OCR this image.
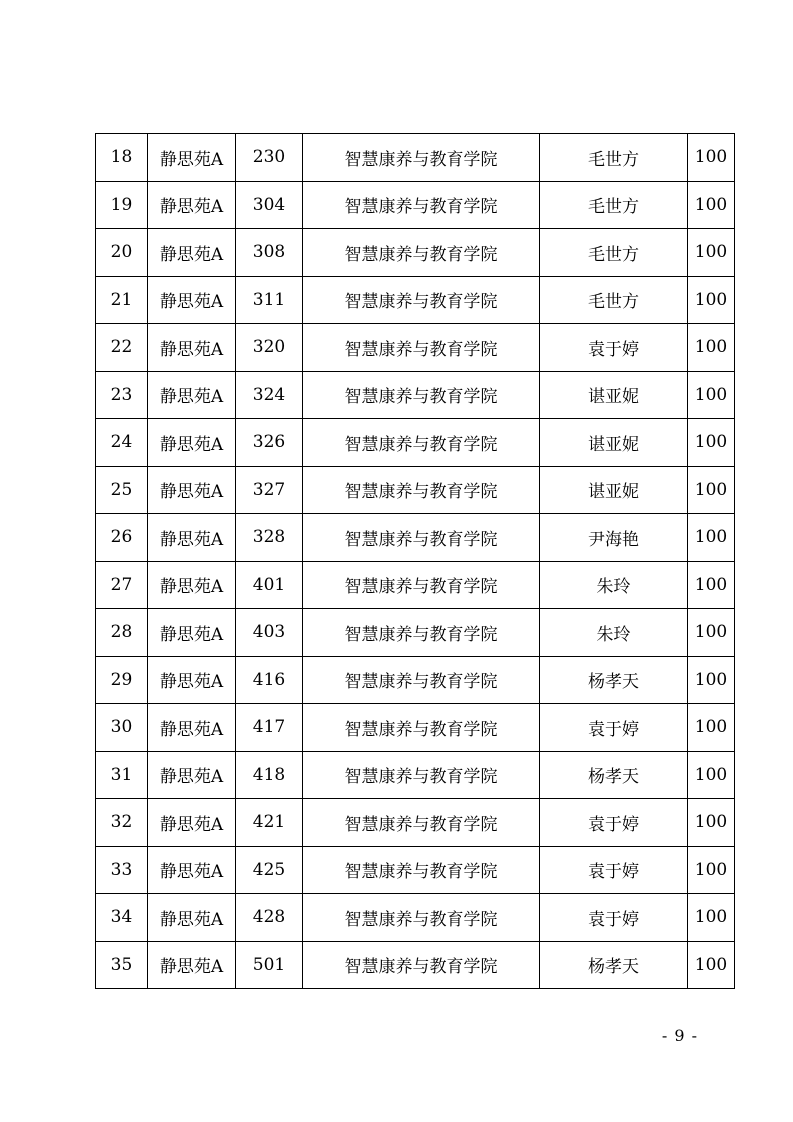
18	静思苑A	230	智慧康养与教育学院	毛世方	100
19	静思苑A	304	智慧康养与教育学院	毛世方	100
20	静思苑A	308	智慧康养与教育学院	毛世方	100
21	静思苑A	311	智慧康养与教育学院	毛世方	100
22	静思苑A	320	智慧康养与教育学院	袁于婷	100
23	静思苑A	324	智慧康养与教育学院	谌亚妮	100
24	静思苑A	326	智慧康养与教育学院	谌亚妮	100
25	静思苑A	327	智慧康养与教育学院	谌亚妮	100
26	静思苑A	328	智慧康养与教育学院	尹海艳	100
27	静思苑A	401	智慧康养与教育学院	朱玲	100
28	静思苑A	403	智慧康养与教育学院	朱玲	100
29	静思苑A	416	智慧康养与教育学院	杨孝天	100
30	静思苑A	417	智慧康养与教育学院	袁于婷	100
31	静思苑A	418	智慧康养与教育学院	杨孝天	100
32	静思苑A	421	智慧康养与教育学院	袁于婷	100
33	静思苑A	425	智慧康养与教育学院	袁于婷	100
34	静思苑A	428	智慧康养与教育学院	袁于婷	100
35	静思苑A	501	智慧康养与教育学院	杨孝天	100
- 9 -
